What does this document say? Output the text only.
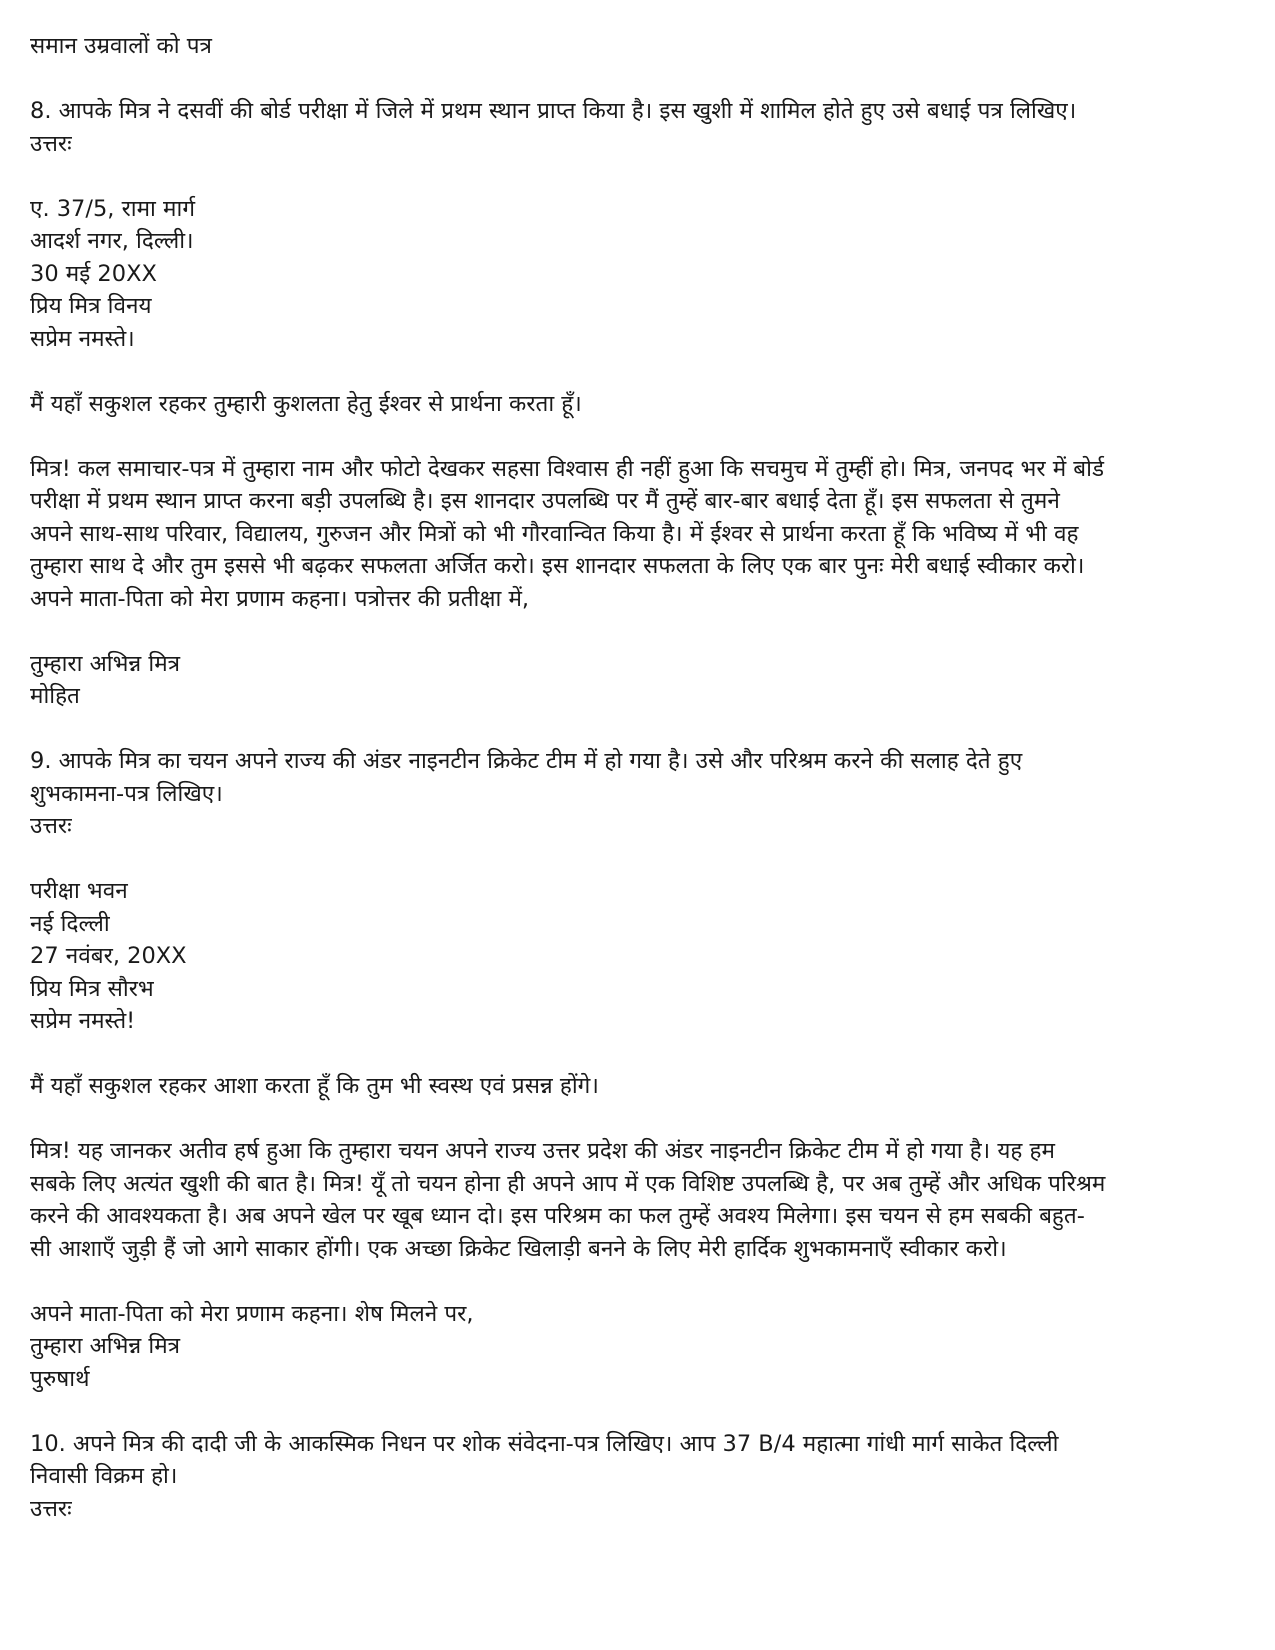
समान उम्रवालों को पत्र
8. आपके मित्र ने दसवीं की बोर्ड परीक्षा में जिले में प्रथम स्थान प्राप्त किया है। इस खुशी में शामिल होते हुए उसे बधाई पत्र लिखिए।
उत्तरः
ए. 37/5, रामा मार्ग
आदर्श नगर, दिल्ली।
30 मई 20XX
प्रिय मित्र विनय
सप्रेम नमस्ते।
मैं यहाँ सकुशल रहकर तुम्हारी कुशलता हेतु ईश्वर से प्रार्थना करता हूँ।
मित्र! कल समाचार-पत्र में तुम्हारा नाम और फोटो देखकर सहसा विश्वास ही नहीं हुआ कि सचमुच में तुम्हीं हो। मित्र, जनपद भर में बोर्ड
परीक्षा में प्रथम स्थान प्राप्त करना बड़ी उपलब्धि है। इस शानदार उपलब्धि पर मैं तुम्हें बार-बार बधाई देता हूँ। इस सफलता से तुमने
अपने साथ-साथ परिवार, विद्यालय, गुरुजन और मित्रों को भी गौरवान्वित किया है। में ईश्वर से प्रार्थना करता हूँ कि भविष्य में भी वह
तुम्हारा साथ दे और तुम इससे भी बढ़कर सफलता अर्जित करो। इस शानदार सफलता के लिए एक बार पुनः मेरी बधाई स्वीकार करो।
अपने माता-पिता को मेरा प्रणाम कहना। पत्रोत्तर की प्रतीक्षा में,
तुम्हारा अभिन्न मित्र
मोहित
9. आपके मित्र का चयन अपने राज्य की अंडर नाइनटीन क्रिकेट टीम में हो गया है। उसे और परिश्रम करने की सलाह देते हुए
शुभकामना-पत्र लिखिए।
उत्तरः
परीक्षा भवन
नई दिल्ली
27 नवंबर, 20XX
प्रिय मित्र सौरभ
सप्रेम नमस्ते!
मैं यहाँ सकुशल रहकर आशा करता हूँ कि तुम भी स्वस्थ एवं प्रसन्न होंगे।
मित्र! यह जानकर अतीव हर्ष हुआ कि तुम्हारा चयन अपने राज्य उत्तर प्रदेश की अंडर नाइनटीन क्रिकेट टीम में हो गया है। यह हम
सबके लिए अत्यंत खुशी की बात है। मित्र! यूँ तो चयन होना ही अपने आप में एक विशिष्ट उपलब्धि है, पर अब तुम्हें और अधिक परिश्रम
करने की आवश्यकता है। अब अपने खेल पर खूब ध्यान दो। इस परिश्रम का फल तुम्हें अवश्य मिलेगा। इस चयन से हम सबकी बहुत-
सी आशाएँ जुड़ी हैं जो आगे साकार होंगी। एक अच्छा क्रिकेट खिलाड़ी बनने के लिए मेरी हार्दिक शुभकामनाएँ स्वीकार करो।
अपने माता-पिता को मेरा प्रणाम कहना। शेष मिलने पर,
तुम्हारा अभिन्न मित्र
पुरुषार्थ
10. अपने मित्र की दादी जी के आकस्मिक निधन पर शोक संवेदना-पत्र लिखिए। आप 37 B/4 महात्मा गांधी मार्ग साकेत दिल्ली
निवासी विक्रम हो।
उत्तरः
